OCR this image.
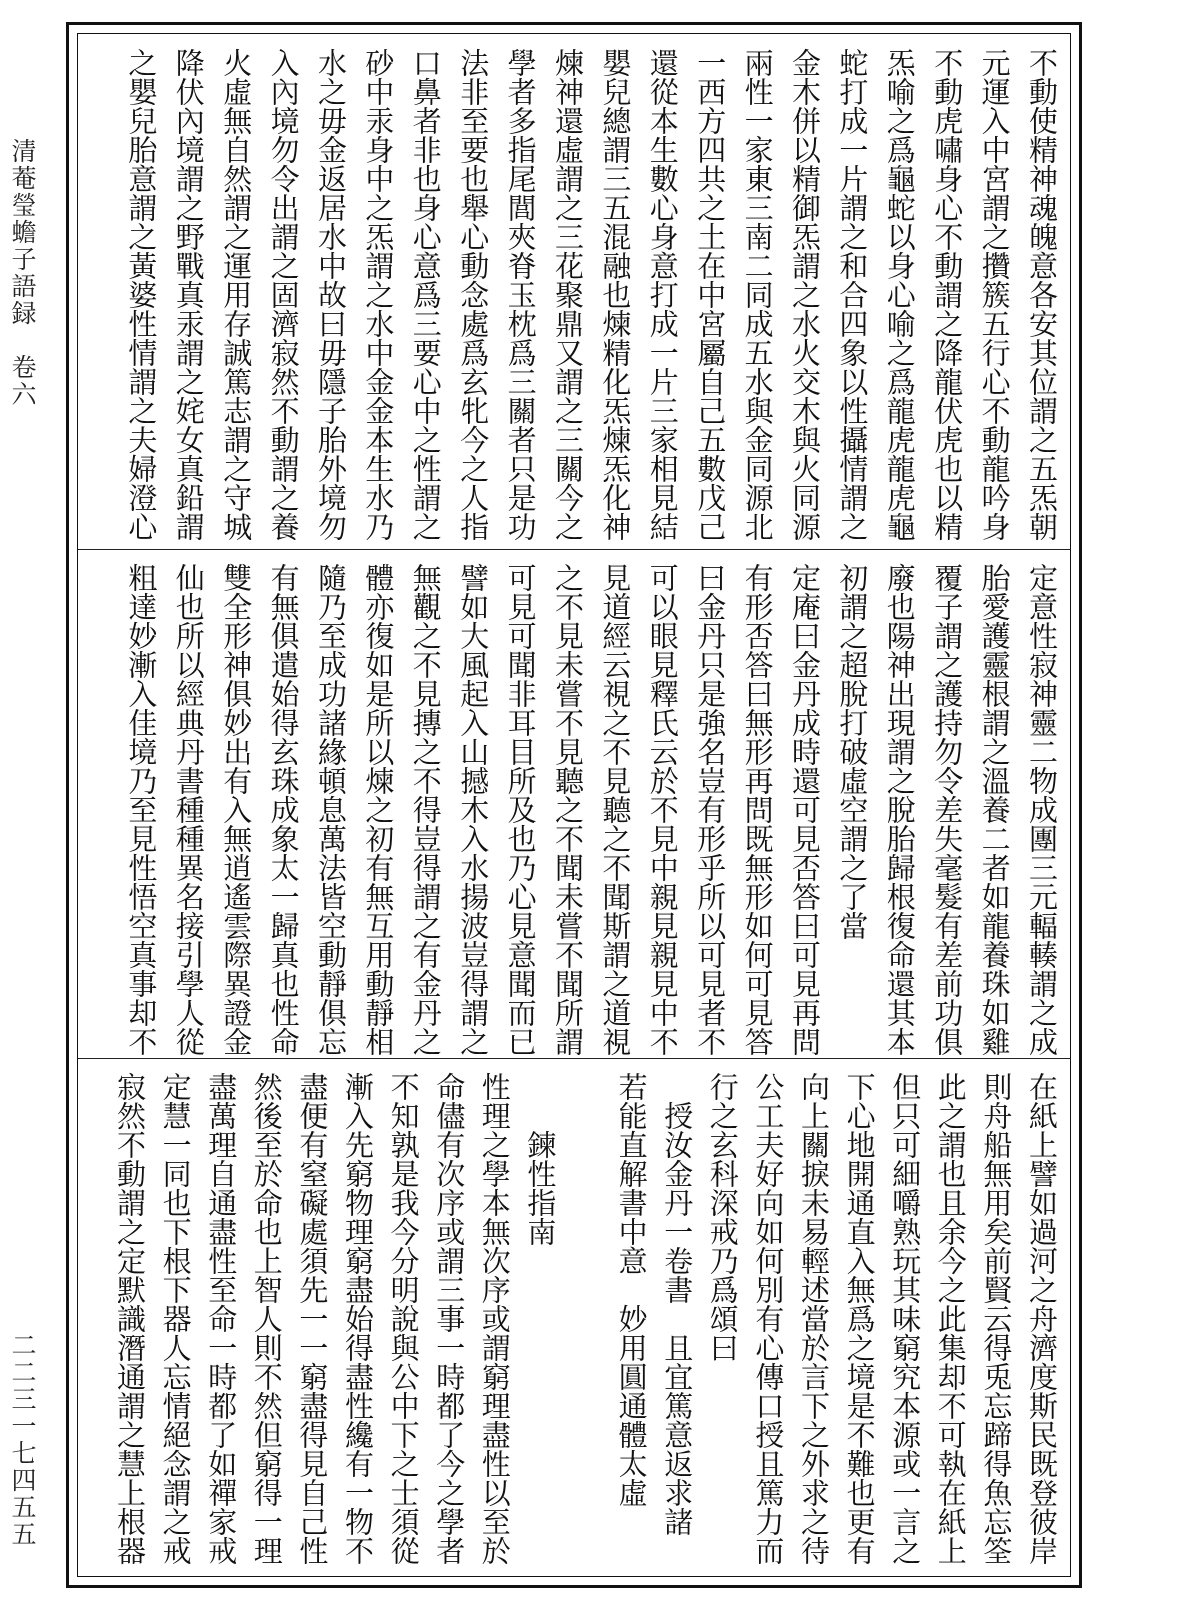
清菴瑩蟾子語録　卷六
二二三一七四五五
不動使精神魂魄意各安其位謂之五炁朝
元運入中宮謂之攢簇五行心不動龍吟身
不動虎嘯身心不動謂之降龍伏虎也以精
炁喻之爲龜蛇以身心喻之爲龍虎龍虎龜
蛇打成一片謂之和合四象以性攝情謂之
金木併以精御炁謂之水火交木與火同源
兩性一家東三南二同成五水與金同源北
一西方四共之土在中宮屬自己五數戊己
還從本生數心身意打成一片三家相見結
嬰兒總謂三五混融也煉精化炁煉炁化神
煉神還虛謂之三花聚鼎又謂之三關今之
學者多指尾閭夾脊玉枕爲三關者只是功
法非至要也舉心動念處爲玄牝今之人指
口鼻者非也身心意爲三要心中之性謂之
砂中汞身中之炁謂之水中金金本生水乃
水之毋金返居水中故曰毋隱子胎外境勿
入內境勿令出謂之固濟寂然不動謂之養
火虛無自然謂之運用存誠篤志謂之守城
降伏內境謂之野戰真汞謂之姹女真鉛謂
之嬰兒胎意謂之黃婆性情謂之夫婦澄心
定意性寂神靈二物成團三元輻輳謂之成
胎愛護靈根謂之溫養二者如龍養珠如雞
覆子謂之護持勿令差失毫髮有差前功俱
廢也陽神出現謂之脫胎歸根復命還其本
初謂之超脫打破虛空謂之了當
定庵曰金丹成時還可見否答曰可見再問
有形否答曰無形再問既無形如何可見答
曰金丹只是強名豈有形乎所以可見者不
可以眼見釋氏云於不見中親見親見中不
見道經云視之不見聽之不聞斯謂之道視
之不見未嘗不見聽之不聞未嘗不聞所謂
可見可聞非耳目所及也乃心見意聞而已
譬如大風起入山撼木入水揚波豈得謂之
無觀之不見摶之不得豈得謂之有金丹之
體亦復如是所以煉之初有無互用動靜相
隨乃至成功諸緣頓息萬法皆空動靜俱忘
有無俱遣始得玄珠成象太一歸真也性命
雙全形神俱妙出有入無逍遙雲際異證金
仙也所以經典丹書種種異名接引學人從
粗達妙漸入佳境乃至見性悟空真事却不
在紙上譬如過河之舟濟度斯民既登彼岸
則舟船無用矣前賢云得兎忘蹄得魚忘筌
此之謂也且余今之此集却不可執在紙上
但只可細嚼熟玩其味窮究本源或一言之
下心地開通直入無爲之境是不難也更有
向上關捩未易輕述當於言下之外求之待
公工夫好向如何別有心傳口授且篤力而
行之玄科深戒乃爲頌曰
　授汝金丹一卷書　且宜篤意返求諸
若能直解書中意　妙用圓通體太虛
　　鍊性指南
性理之學本無次序或謂窮理盡性以至於
命儘有次序或謂三事一時都了今之學者
不知孰是我今分明說與公中下之士須從
漸入先窮物理窮盡始得盡性纔有一物不
盡便有窒礙處須先一一窮盡得見自己性
然後至於命也上智人則不然但窮得一理
盡萬理自通盡性至命一時都了如禪家戒
定慧一同也下根下器人忘情絕念謂之戒
寂然不動謂之定默識潛通謂之慧上根器
